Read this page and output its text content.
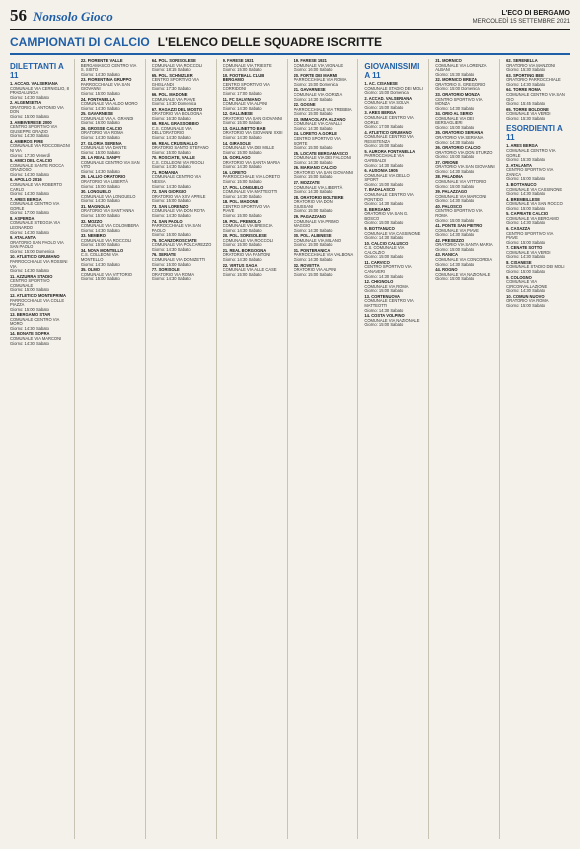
56 Nonsolo Gioco	L'ECO DI BERGAMO
MERCOLEDÌ 15 SETTEMBRE 2021
CAMPIONATI DI CALCIO L'ELENCO DELLE SQUADRE ISCRITTE
DILETTANTI A 11
1. ACCAD. VALSERIANA
COMUNALE VIA CERNIGLIO, 8 PRADALUNGA
Giorno: 14:30 Sabato
2. ALGEMSETIA
ORATORIO S. ANTONIO VIA DON
Giorno: 15:00 Sabato
3. AMBIVERESE 2000
CENTRO SPORTIVO VIA GIUSEPPE GRAZIO
Giorno: 14:30 Sabato
4. AMBROS FIRE
COMUNALE VIA ROCCOBAGNI NI VIA
Giorno: 17:30 Venerdì
5. AMICI DEL CALCIO
COMUNALE SANTE ROCCA GRAZIOSO
Giorno: 14:30 Sabato
6. APOLLO 2016
COMUNALE VIA ROBERTO CARLO
Giorno: 14:30 Sabato
7. ARES BERGA
COMUNALE CENTRO VIA GORLE
Giorno: 17:00 Sabato
8. ASPERDA
COMUNALE STEGGIA VIA LEONARDO
Giorno: 14:30 Sabato
9. ATALANTA
ORATORIO SAN PAOLO VIA SAN PAOLO
Giorno: 15:00 Domenica
10. ATLETICO GRUMANO
PARROCCHIALE VIA ROSSINI VIA
Giorno: 14:30 Sabato
11. AZZURRA STADIO
CENTRO SPORTIVO COMUNALE
Giorno: 15:00 Sabato
12. ATLETICO MONTEPRIMA
PARROCCHIALE VIA COLLE PIAZZA
Giorno: 15:00 Sabato
13. BERGAMO STAR
COMUNALE CENTRO VIA MORO
Giorno: 14:30 Sabato
14. BONATE SOPRA
COMUNALE VIA MARCONI
Giorno: 14:30 Sabato
22. FIORENTE VALLE
BERGAMASCO CENTRO VIA S. SISTO
Giorno: 14:30 Sabato
23. FIORENTINA GRUPPO
PARROCCHIALE VIA SAN GIOVANNI
Giorno: 15:00 Sabato
24. FONTANELLA
COMUNALE VIA ALDO MORO
Giorno: 14:30 Sabato
25. GAVARNESE
COMUNALE VIA A. GRANDI
Giorno: 16:00 Sabato
26. GROSSE CALCIO
ORATORIO VIA ROMA
Giorno: 14:30 Sabato
27. GLORIA SERENA
COMUNALE VIA DANTE
Giorno: 15:00 Sabato
28. LA REAL SANPY
COMUNALE CENTRO VIA SAN VITO
Giorno: 14:30 Sabato
29. LALLIO ORATORIO
ORATORIO VIA LIBERTÀ
Giorno: 15:00 Sabato
30. LONGUELO
COMUNALE VIA LONGUELO
Giorno: 14:30 Sabato
31. MAGNOLIA
ORATORIO VIA SANT'ANNA
Giorno: 15:00 Sabato
32. MOZZO
COMUNALE VIA COLOMBERA
Giorno: 14:30 Sabato
33. NEMBRO
COMUNALE VIA ROCCOLI
Giorno: 15:00 Sabato
34. NOVA MONTELLO
C.S. COLLEONI VIA MONTELLO
Giorno: 14:30 Sabato
35. OLMO
COMUNALE VIA VITTORIO
Giorno: 15:00 Sabato
64. POL. SORISOLESE
COMUNALE VIA ROCCOLI
Giorno: 18:15 Sabato
65. POL. SCHNIZLER
CENTRO SPORTIVO VIA GHISLANDI
Giorno: 17:30 Sabato
66. POL. MADONE
COMUNALE VIA PIAVE
Giorno: 14:30 Domenica
67. RAGAZZI DEL MOSTO
ORATORIO VIA BOLOGNA
Giorno: 16:30 Sabato
68. REAL GRASSOBBIO
C.S. COMUNALE VIA DELL'ORATORIO
Giorno: 14:30 Sabato
69. REAL CRUSINALLO
ORATORIO SANTO STEFANO
Giorno: 15:00 Sabato
70. ROSCIATE, VALLE
C.S. COLLEONI VIA RIGOLI
Giorno: 14:30 Sabato
71. ROMANIA
COMUNALE CENTRO VIA NESSA
Giorno: 14:30 Sabato
72. SAN GIORGIO
ORATORIO VIA XXV APRILE
Giorno: 15:00 Sabato
73. SAN LORENZO
COMUNALE VIA DON ROTA
Giorno: 14:30 Sabato
74. SAN PAOLO
PARROCCHIALE VIA SAN PAOLO
Giorno: 15:00 Sabato
75. SCANZOROSCIATE
COMUNALE VIA POLCAREZZO
Giorno: 14:30 Sabato
76. SERIATE
COMUNALE VIA DONIZETTI
Giorno: 15:00 Sabato
77. SORISOLE
ORATORIO VIA ROMA
Giorno: 14:30 Sabato
9. FARESE 1921
COMUNALE VIA TRIESTE
Giorno: 15:00 Sabato
10. FOOTBALL CLUB BERGAMO
CENTRO SPORTIVO VIA CORRIDONI
Giorno: 17:00 Sabato
11. FC SALVINIANO
COMUNALE VIA ALPINI
Giorno: 14:30 Sabato
12. GALLINESE
ORATORIO VIA SAN GIOVANNI
Giorno: 15:00 Sabato
13. GALLINETTO BAB
ORATORIO VIA GIOVANNI XXIII
Giorno: 14:30 Sabato
14. GIRASOLE
COMUNALE VIA DEI MILLE
Giorno: 15:00 Sabato
15. GORLAGO
ORATORIO VIA SANTA MARIA
Giorno: 14:30 Sabato
16. LORETO
PARROCCHIALE VIA LORETO
Giorno: 15:00 Sabato
17. POL. LONGUELO
COMUNALE VIA MATTEOTTI
Giorno: 14:30 Sabato
18. POL. MADONE
CENTRO SPORTIVO VIA PIAVE
Giorno: 15:00 Sabato
19. POL. PREMOLO
COMUNALE VIA BRESCIA
Giorno: 14:30 Sabato
20. POL. SORISOLESE
COMUNALE VIA ROCCOLI
Giorno: 15:00 Sabato
21. REAL BORGOGNA
ORATORIO VIA FANTONI
Giorno: 14:30 Sabato
22. VIRTUS SAGA
COMUNALE VIA ALLE CASE
Giorno: 15:00 Sabato
19. FARESE 1921
COMUNALE VIA VIGNALE
Giorno: 16:00 Sabato
20. FORTE DEI MARMI
PARROCCHIALE VIA ROMA
Giorno: 15:00 Domenica
21. GAVARNESE
COMUNALE VIA GORIZIA
Giorno: 14:30 Sabato
22. GOGNE
PARROCCHIALE VIA TREBBIA
Giorno: 15:00 Sabato
23. IMMACOLATA ALZANO
COMUNALE VIA CAVALLI
Giorno: 14:30 Sabato
24. LORETO A.GORLE
CENTRO SPORTIVO VIA SORTE
Giorno: 15:00 Sabato
25. LOCATE BERGAMASCO
COMUNALE VIA DEI FALCONI
Giorno: 14:30 Sabato
26. MARIANO CALCIO
ORATORIO VIA SAN GIOVANNI
Giorno: 15:00 Sabato
27. MOZZATE
COMUNALE VIA LIBERTÀ
Giorno: 14:30 Sabato
28. ORATORIO BOLTIERE
ORATORIO VIA DON GIUSSANI
Giorno: 15:00 Sabato
29. PAGAZZANO
COMUNALE VIA PRIMO MAGGIO
Giorno: 14:30 Sabato
30. POL. ALBINESE
COMUNALE VIA MILANO
Giorno: 15:00 Sabato
31. PONTERANICA
PARROCCHIALE VIA VALBONA
Giorno: 14:30 Sabato
32. ROVETTA
ORATORIO VIA ALPINI
Giorno: 15:00 Sabato
GIOVANISSIMI A 11
1. AC. CISANESE
COMUNALE STADIO DEI MOLI
Giorno: 15:00 Domenica
2. ACCAD. VALSERIANA
COMUNALE VIA SOLVA
Giorno: 15:00 Sabato
3. ARES BERGA
COMUNALE CENTRO VIA GORLE
Giorno: 17:00 Sabato
4. ATLETICO GRUMANO
COMUNALE CENTRO VIA RESISTENZA
Giorno: 15:00 Sabato
5. AURORA FONTANELLA
PARROCCHIALE VIA GARIBALDI
Giorno: 14:30 Sabato
6. AUSONIA 1905
COMUNALE VIA DELLO SPORT
Giorno: 15:00 Sabato
7. BADALASCO
COMUNALE CENTRO VIA PONTIDO
Giorno: 14:30 Sabato
8. BERGAMO
ORATORIO VIA SAN G. BOSCO
Giorno: 15:00 Sabato
9. BOTTANUCO
COMUNALE VIA CASSINONE
Giorno: 14:30 Sabato
10. CALCIO CALUSCO
C.S. COMUNALE VIA CALOLZIO
Giorno: 15:00 Sabato
11. CARVICO
CENTRO SPORTIVO VIA CANAVERI
Giorno: 14:30 Sabato
12. CHIGNOLO
COMUNALE VIA ROMA
Giorno: 15:00 Sabato
13. CORTENUOVA
COMUNALE CENTRO VIA MATTEOTTI
Giorno: 14:30 Sabato
14. COSTA VOLPINO
COMUNALE VIA NAZIONALE
Giorno: 15:00 Sabato
31. MORNICO
COMUNALE VIA LORENZA ALBANI
Giorno: 15:30 Sabato
32. MORNICO BREZA
ORATORIO S. GREGORIO
Giorno: 15:00 Domenica
33. ORATORIO MONZA
CENTRO SPORTIVO VIA MONZA
Giorno: 14:30 Sabato
34. ORIO AL SERIO
COMUNALE VIA DEI BERSAGLIERI
Giorno: 15:00 Sabato
35. ORATORIO SERIANA
ORATORIO VIA SERIANA
Giorno: 14:30 Sabato
36. ORATORIO CALCIO
ORATORIO VIA DON STURZO
Giorno: 15:00 Sabato
37. ORIONE
ORATORIO VIA SAN GIOVANNI
Giorno: 14:30 Sabato
38. PALADINA
COMUNALE VIA VITTORIO
Giorno: 15:00 Sabato
39. PALAZZAGO
COMUNALE VIA MARCONI
Giorno: 14:30 Sabato
40. PALOSCO
CENTRO SPORTIVO VIA ROMA
Giorno: 15:00 Sabato
41. PONTE SAN PIETRO
COMUNALE VIA PIAVE
Giorno: 14:30 Sabato
42. PRESEZZO
ORATORIO VIA SANTA MARIA
Giorno: 15:00 Sabato
43. RANICA
COMUNALE VIA CONCORDIA
Giorno: 14:30 Sabato
44. ROGNO
COMUNALE VIA NAZIONALE
Giorno: 15:00 Sabato
62. SERENELLA
ORATORIO VIA MANZONI
Giorno: 15:30 Sabato
63. SPORTING BEE
ORATORIO PARROCCHIALE
Giorno: 14:30 Sabato
64. TORRE ROMA
COMUNALE CENTRO VIA SAN GIO
Giorno: 15:45 Sabato
65. TORRE BOLDONE
COMUNALE VIA VERDI
Giorno: 15:30 Sabato
ESORDIENTI A 11
1. ARES BERGA
COMUNALE CENTRO VIA GORLE
Giorno: 15:30 Sabato
2. ATALANTA
CENTRO SPORTIVO VIA ZANICA
Giorno: 15:00 Sabato
3. BOTTANUCO
COMUNALE VIA CASSINONE
Giorno: 14:30 Sabato
4. BREMBILLESE
COMUNALE VIA SAN ROCCO
Giorno: 15:00 Sabato
5. CAPRIATE CALCIO
COMUNALE VIA BERGAMO
Giorno: 14:30 Sabato
6. CASAZZA
CENTRO SPORTIVO VIA PIAVE
Giorno: 15:00 Sabato
7. CENATE SOTTO
COMUNALE VIA VERDI
Giorno: 14:30 Sabato
8. CISANESE
COMUNALE STADIO DEI MOLI
Giorno: 15:00 Sabato
9. COLOGNO
COMUNALE VIA CIRCONVALLAZIONE
Giorno: 14:30 Sabato
10. COMUN NUOVO
ORATORIO VIA ROMA
Giorno: 15:00 Sabato
